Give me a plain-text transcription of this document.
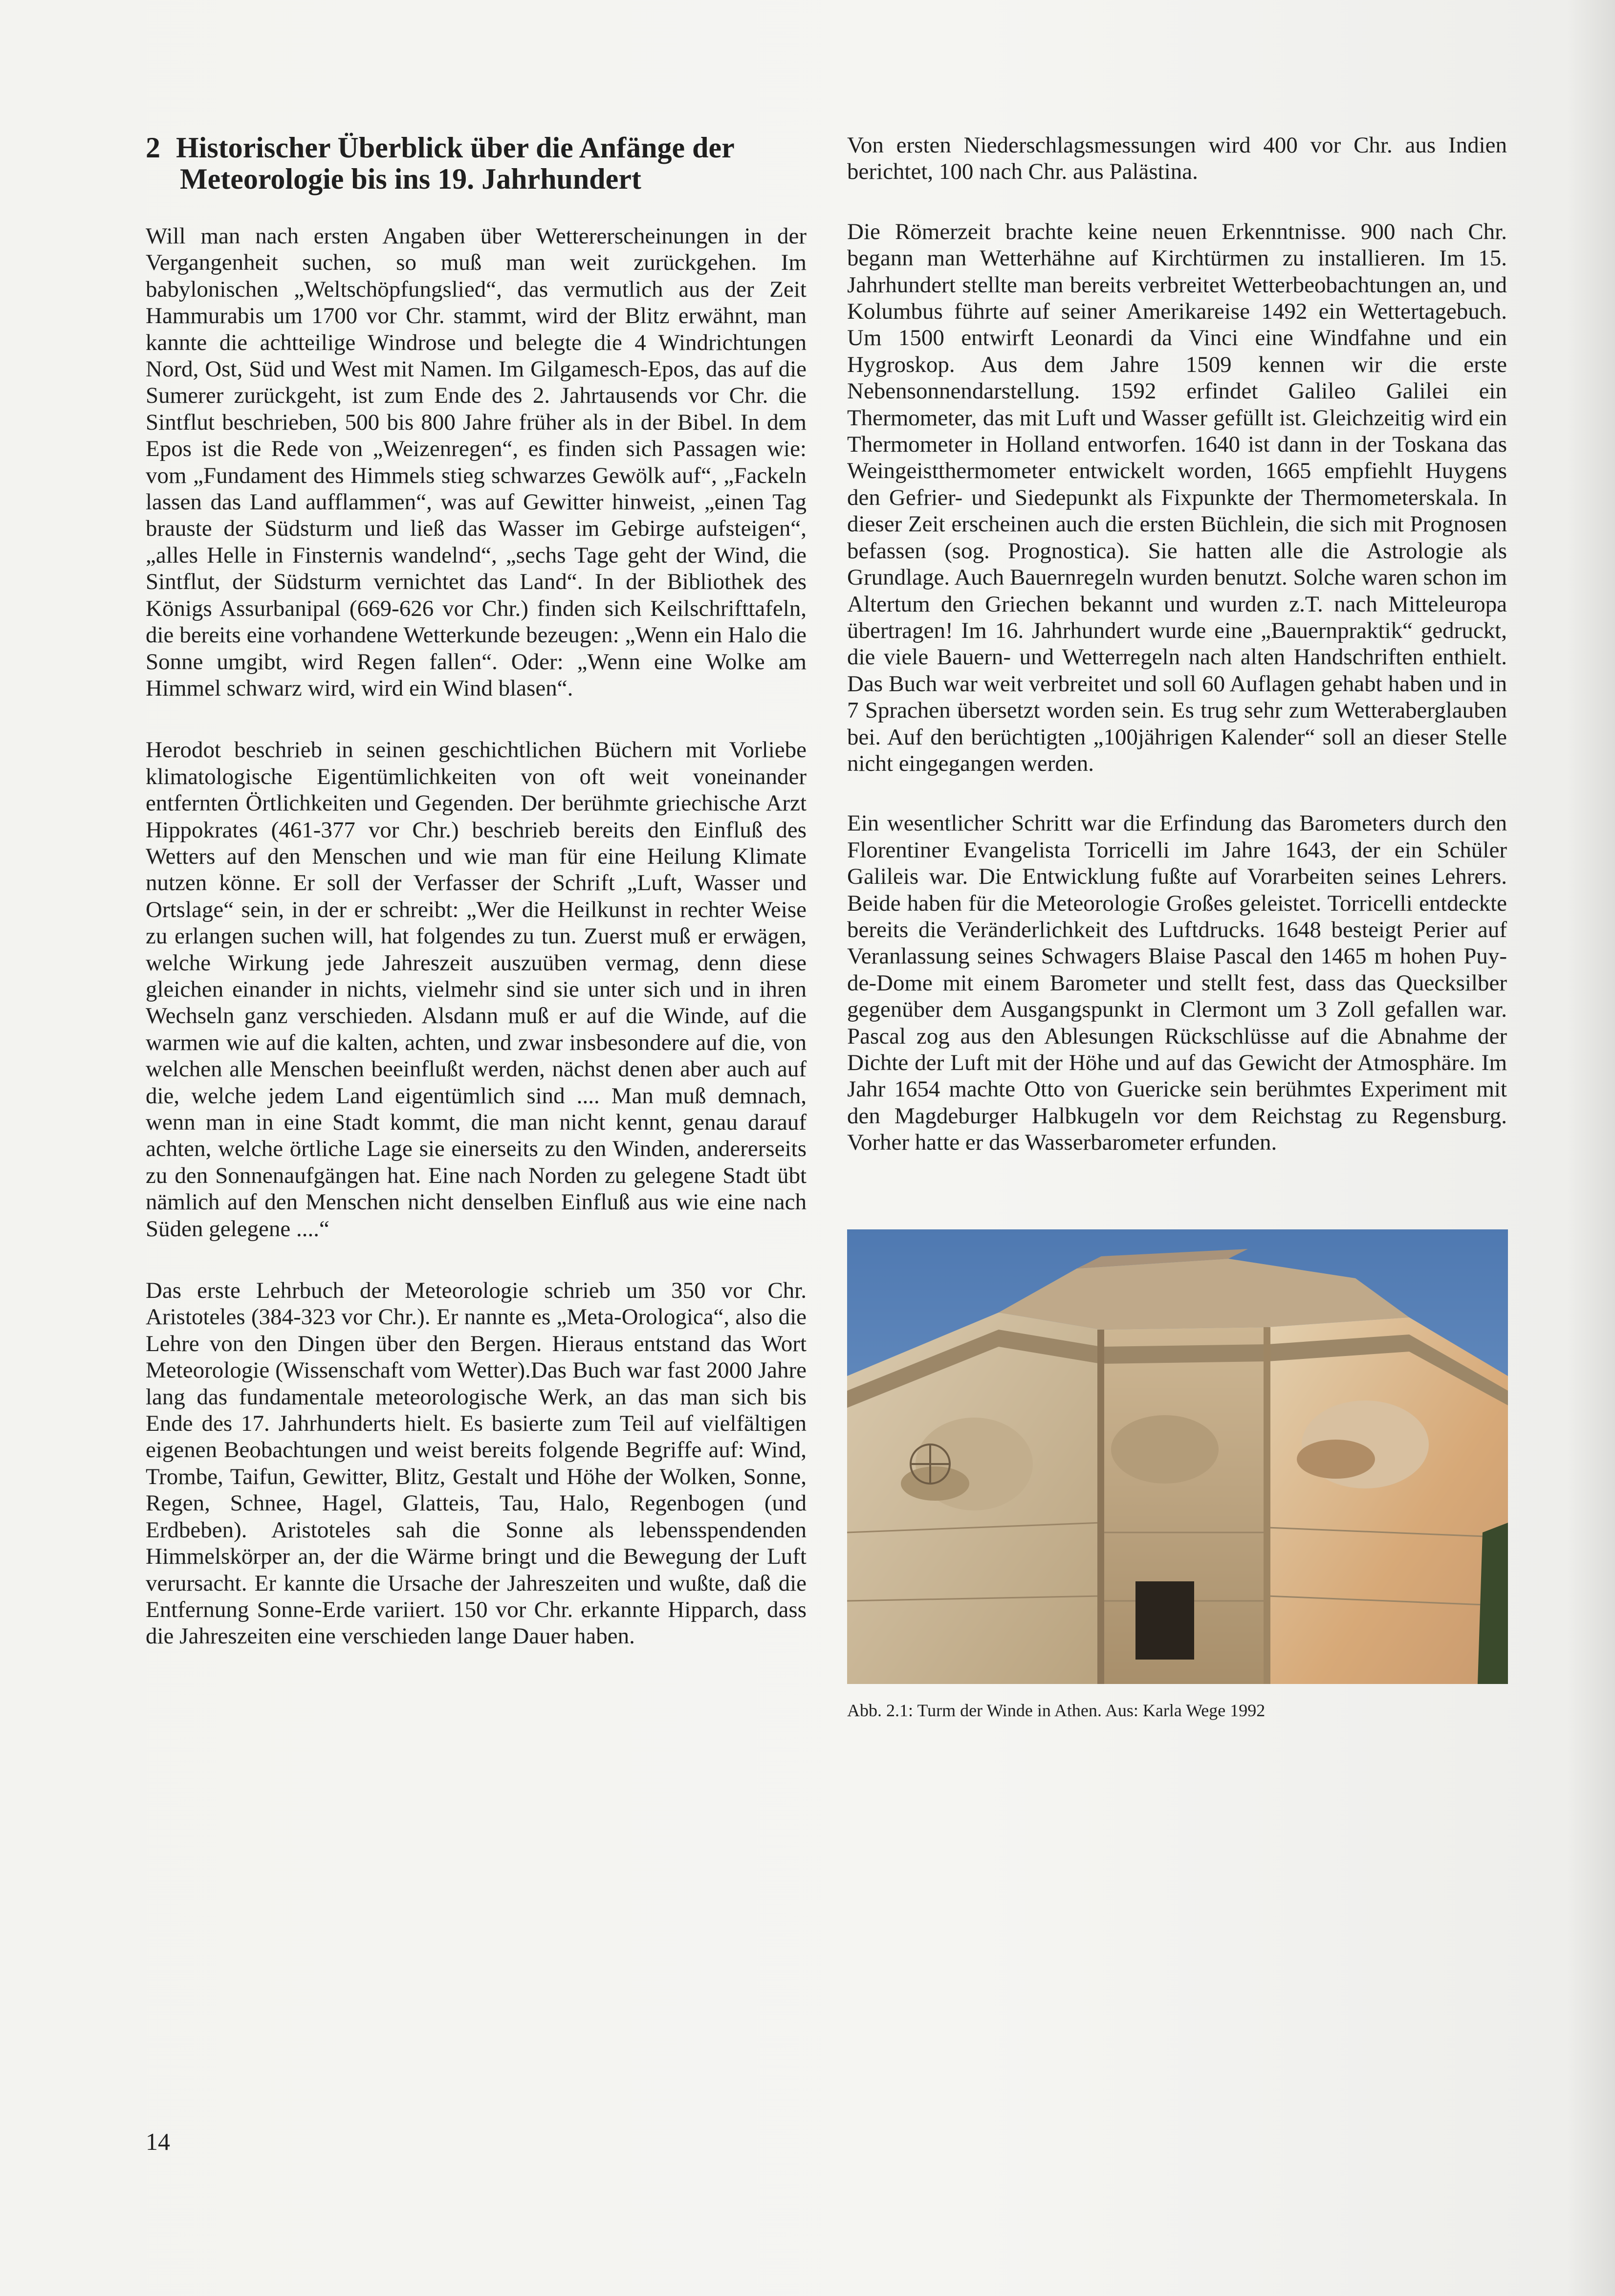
2 Historischer Überblick über die Anfänge der Meteorologie bis ins 19. Jahrhundert

Will man nach ersten Angaben über Wettererscheinungen in der Vergangenheit suchen, so muß man weit zurückgehen. Im babylonischen „Weltschöpfungslied“, das vermutlich aus der Zeit Hammurabis um 1700 vor Chr. stammt, wird der Blitz erwähnt, man kannte die achtteilige Windrose und belegte die 4 Windrichtungen Nord, Ost, Süd und West mit Namen. Im Gilgamesch-Epos, das auf die Sumerer zurückgeht, ist zum Ende des 2. Jahrtausends vor Chr. die Sintflut beschrieben, 500 bis 800 Jahre früher als in der Bibel. In dem Epos ist die Rede von „Weizenregen“, es finden sich Passagen wie: vom „Fundament des Himmels stieg schwarzes Gewölk auf“, „Fackeln lassen das Land aufflammen“, was auf Gewitter hinweist, „einen Tag brauste der Südsturm und ließ das Wasser im Gebirge aufsteigen“, „alles Helle in Finsternis wandelnd“, „sechs Tage geht der Wind, die Sintflut, der Südsturm vernichtet das Land“. In der Bibliothek des Königs Assurbanipal (669-626 vor Chr.) finden sich Keilschrifttafeln, die bereits eine vorhandene Wetterkunde bezeugen: „Wenn ein Halo die Sonne umgibt, wird Regen fallen“. Oder: „Wenn eine Wolke am Himmel schwarz wird, wird ein Wind blasen“.

Herodot beschrieb in seinen geschichtlichen Büchern mit Vorliebe klimatologische Eigentümlichkeiten von oft weit voneinander entfernten Örtlichkeiten und Gegenden. Der berühmte griechische Arzt Hippokrates (461-377 vor Chr.) beschrieb bereits den Einfluß des Wetters auf den Menschen und wie man für eine Heilung Klimate nutzen könne. Er soll der Verfasser der Schrift „Luft, Wasser und Ortslage“ sein, in der er schreibt: „Wer die Heilkunst in rechter Weise zu erlangen suchen will, hat folgendes zu tun. Zuerst muß er erwägen, welche Wirkung jede Jahreszeit auszuüben vermag, denn diese gleichen einander in nichts, vielmehr sind sie unter sich und in ihren Wechseln ganz verschieden. Alsdann muß er auf die Winde, auf die warmen wie auf die kalten, achten, und zwar insbesondere auf die, von welchen alle Menschen beeinflußt werden, nächst denen aber auch auf die, welche jedem Land eigentümlich sind .... Man muß demnach, wenn man in eine Stadt kommt, die man nicht kennt, genau darauf achten, welche örtliche Lage sie einerseits zu den Winden, andererseits zu den Sonnenaufgängen hat. Eine nach Norden zu gelegene Stadt übt nämlich auf den Menschen nicht denselben Einfluß aus wie eine nach Süden gelegene ....“

Das erste Lehrbuch der Meteorologie schrieb um 350 vor Chr. Aristoteles (384-323 vor Chr.). Er nannte es „Meta-Orologica“, also die Lehre von den Dingen über den Bergen. Hieraus entstand das Wort Meteorologie (Wissenschaft vom Wetter).Das Buch war fast 2000 Jahre lang das fundamentale meteorologische Werk, an das man sich bis Ende des 17. Jahrhunderts hielt. Es basierte zum Teil auf vielfältigen eigenen Beobachtungen und weist bereits folgende Begriffe auf: Wind, Trombe, Taifun, Gewitter, Blitz, Gestalt und Höhe der Wolken, Sonne, Regen, Schnee, Hagel, Glatteis, Tau, Halo, Regenbogen (und Erdbeben). Aristoteles sah die Sonne als lebensspendenden Himmelskörper an, der die Wärme bringt und die Bewegung der Luft verursacht. Er kannte die Ursache der Jahreszeiten und wußte, daß die Entfernung Sonne-Erde variiert. 150 vor Chr. erkannte Hipparch, dass die Jahreszeiten eine verschieden lange Dauer haben.

Von ersten Niederschlagsmessungen wird 400 vor Chr. aus Indien berichtet, 100 nach Chr. aus Palästina.

Die Römerzeit brachte keine neuen Erkenntnisse. 900 nach Chr. begann man Wetterhähne auf Kirchtürmen zu installieren. Im 15. Jahrhundert stellte man bereits verbreitet Wetterbeobachtungen an, und Kolumbus führte auf seiner Amerikareise 1492 ein Wettertagebuch. Um 1500 entwirft Leonardi da Vinci eine Windfahne und ein Hygroskop. Aus dem Jahre 1509 kennen wir die erste Nebensonnendarstellung. 1592 erfindet Galileo Galilei ein Thermometer, das mit Luft und Wasser gefüllt ist. Gleichzeitig wird ein Thermometer in Holland entworfen. 1640 ist dann in der Toskana das Weingeistthermometer entwickelt worden, 1665 empfiehlt Huygens den Gefrier- und Siedepunkt als Fixpunkte der Thermometerskala. In dieser Zeit erscheinen auch die ersten Büchlein, die sich mit Prognosen befassen (sog. Prognostica). Sie hatten alle die Astrologie als Grundlage. Auch Bauernregeln wurden benutzt. Solche waren schon im Altertum den Griechen bekannt und wurden z.T. nach Mitteleuropa übertragen! Im 16. Jahrhundert wurde eine „Bauernpraktik“ gedruckt, die viele Bauern- und Wetterregeln nach alten Handschriften enthielt. Das Buch war weit verbreitet und soll 60 Auflagen gehabt haben und in 7 Sprachen übersetzt worden sein. Es trug sehr zum Wetteraberglauben bei. Auf den berüchtigten „100jährigen Kalender“ soll an dieser Stelle nicht eingegangen werden.

Ein wesentlicher Schritt war die Erfindung das Barometers durch den Florentiner Evangelista Torricelli im Jahre 1643, der ein Schüler Galileis war. Die Entwicklung fußte auf Vorarbeiten seines Lehrers. Beide haben für die Meteorologie Großes geleistet. Torricelli entdeckte bereits die Veränderlichkeit des Luftdrucks. 1648 besteigt Perier auf Veranlassung seines Schwagers Blaise Pascal den 1465 m hohen Puy-de-Dome mit einem Barometer und stellt fest, dass das Quecksilber gegenüber dem Ausgangspunkt in Clermont um 3 Zoll gefallen war. Pascal zog aus den Ablesungen Rückschlüsse auf die Abnahme der Dichte der Luft mit der Höhe und auf das Gewicht der Atmosphäre. Im Jahr 1654 machte Otto von Guericke sein berühmtes Experiment mit den Magdeburger Halbkugeln vor dem Reichstag zu Regensburg. Vorher hatte er das Wasserbarometer erfunden.

Abb. 2.1: Turm der Winde in Athen. Aus: Karla Wege 1992
14
